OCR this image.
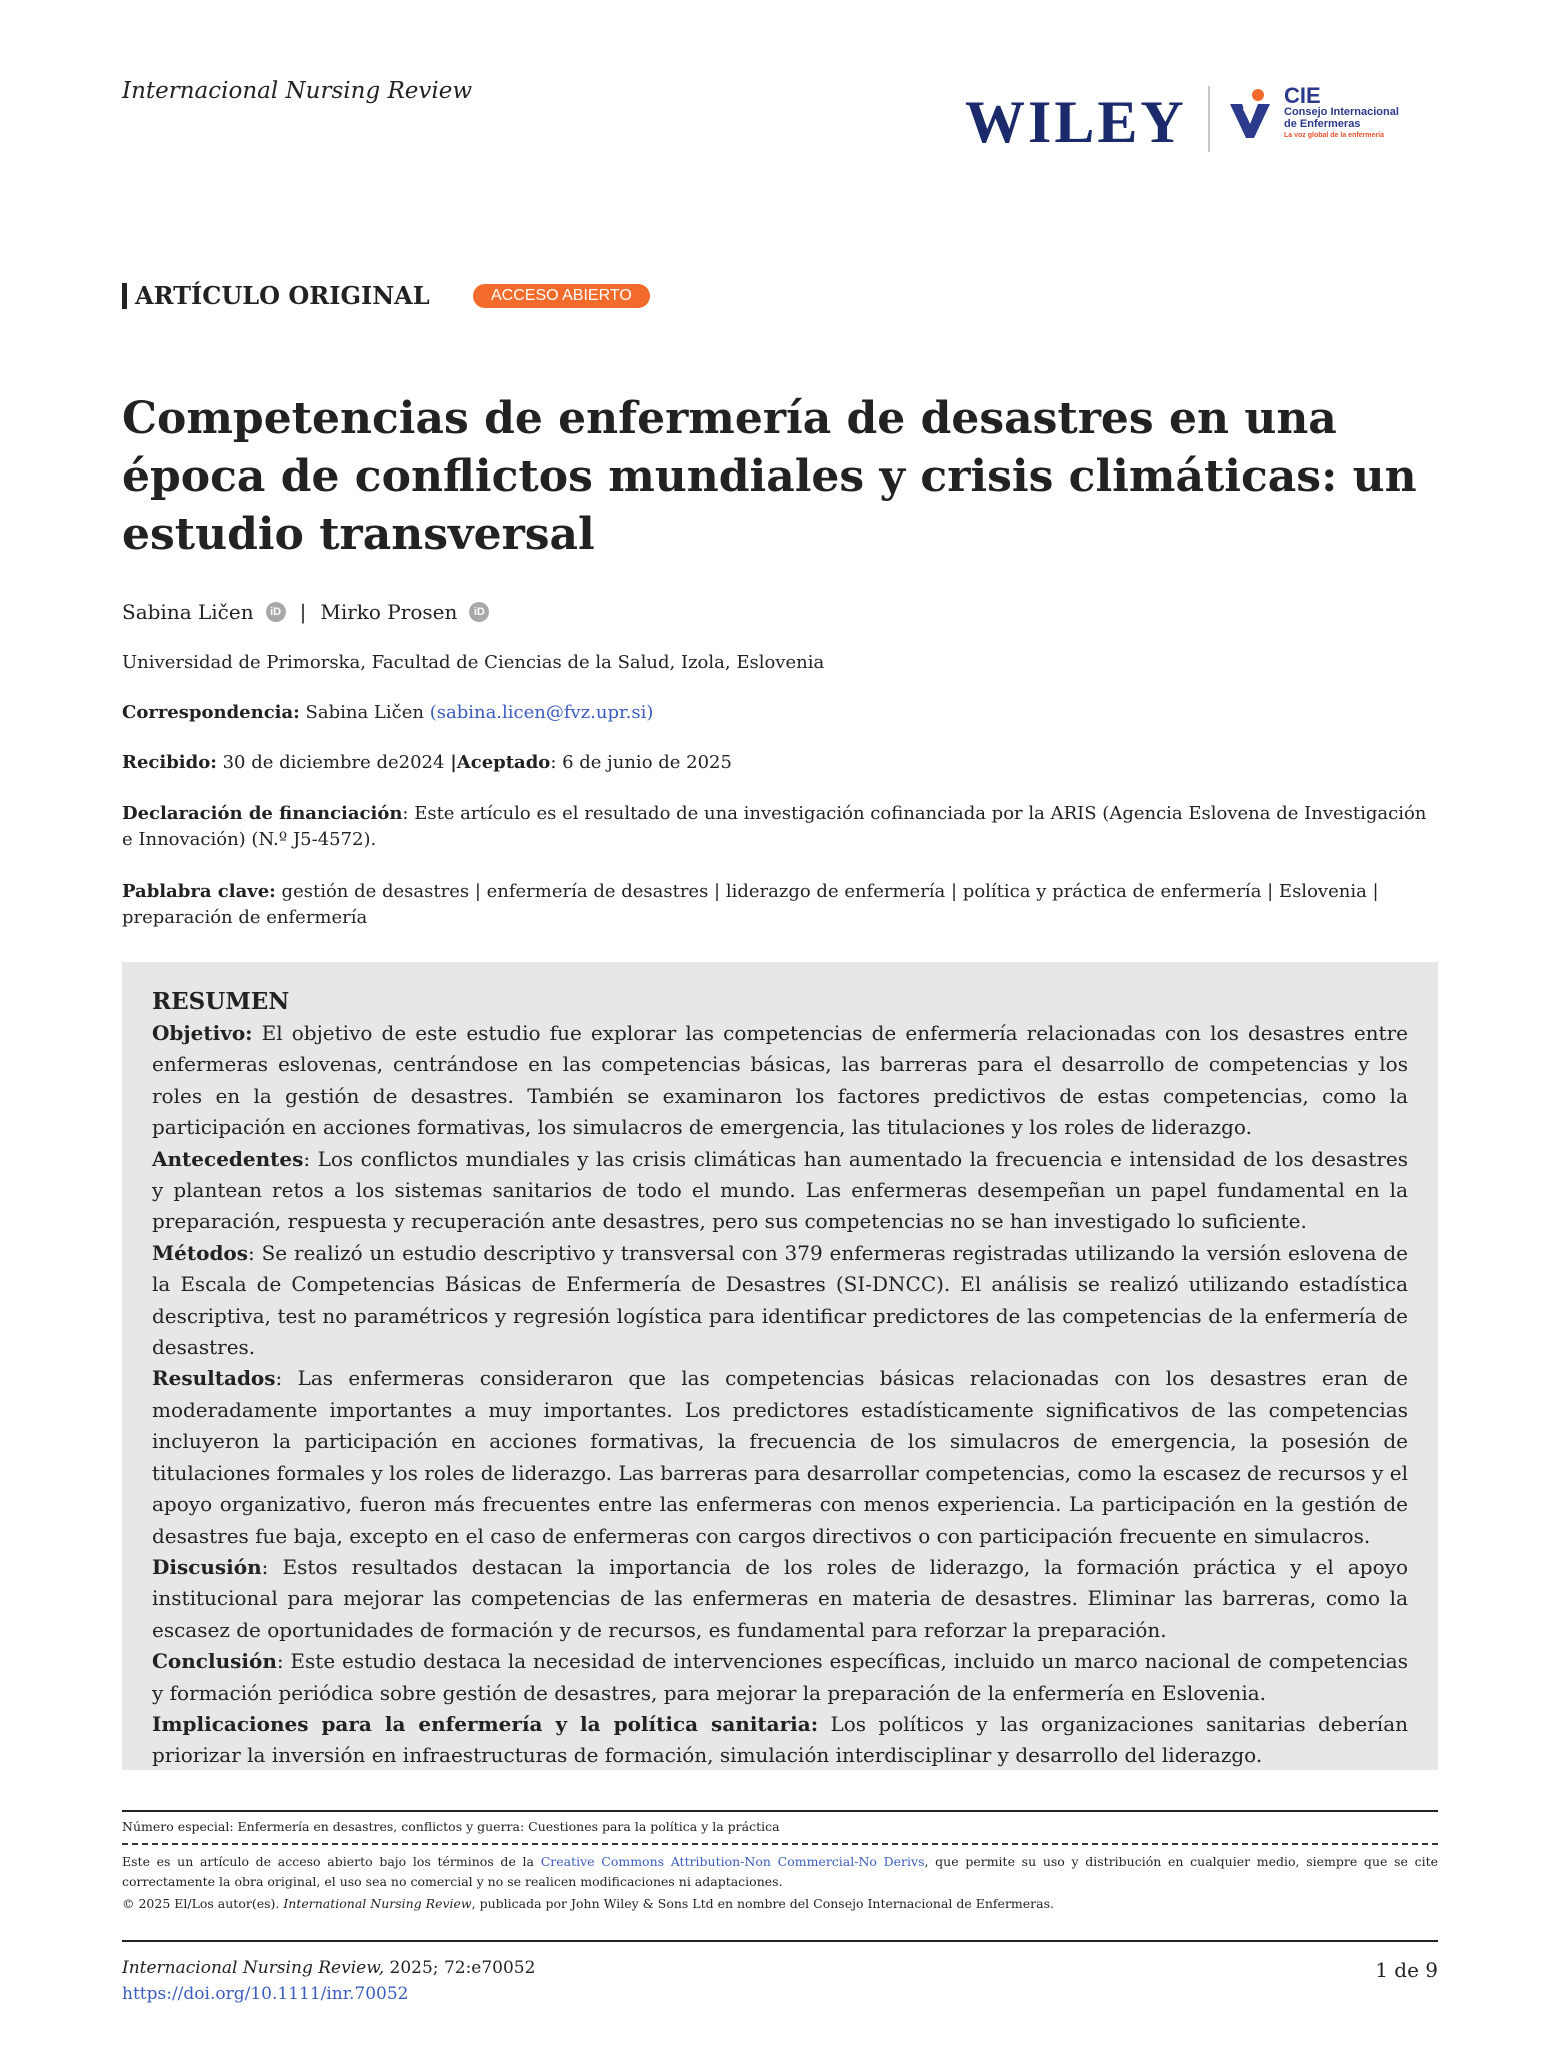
Internacional Nursing Review	WILEY	CIE
Consejo Internacional
de Enfermeras
La voz global de la enfermería
ARTÍCULO ORIGINAL	ACCESO ABIERTO
Competencias de enfermería de desastres en una época de conflictos mundiales y crisis climáticas: un estudio transversal
Sabina Ličen	iD | Mirko Prosen	iD
Universidad de Primorska, Facultad de Ciencias de la Salud, Izola, Eslovenia
Correspondencia: Sabina Ličen (sabina.licen@fvz.upr.si)
Recibido: 30 de diciembre de2024 |Aceptado: 6 de junio de 2025
Declaración de financiación: Este artículo es el resultado de una investigación cofinanciada por la ARIS (Agencia Eslovena de Investigación e Innovación) (N.º J5-4572).
Pablabra clave: gestión de desastres | enfermería de desastres | liderazgo de enfermería | política y práctica de enfermería | Eslovenia | preparación de enfermería
RESUMEN
Objetivo: El objetivo de este estudio fue explorar las competencias de enfermería relacionadas con los desastres entre enfermeras eslovenas, centrándose en las competencias básicas, las barreras para el desarrollo de competencias y los roles en la gestión de desastres. También se examinaron los factores predictivos de estas competencias, como la participación en acciones formativas, los simulacros de emergencia, las titulaciones y los roles de liderazgo.
Antecedentes: Los conflictos mundiales y las crisis climáticas han aumentado la frecuencia e intensidad de los desastres y plantean retos a los sistemas sanitarios de todo el mundo. Las enfermeras desempeñan un papel fundamental en la preparación, respuesta y recuperación ante desastres, pero sus competencias no se han investigado lo suficiente.
Métodos: Se realizó un estudio descriptivo y transversal con 379 enfermeras registradas utilizando la versión eslovena de la Escala de Competencias Básicas de Enfermería de Desastres (SI-DNCC). El análisis se realizó utilizando estadística descriptiva, test no paramétricos y regresión logística para identificar predictores de las competencias de la enfermería de desastres.
Resultados: Las enfermeras consideraron que las competencias básicas relacionadas con los desastres eran de moderadamente importantes a muy importantes. Los predictores estadísticamente significativos de las competencias incluyeron la participación en acciones formativas, la frecuencia de los simulacros de emergencia, la posesión de titulaciones formales y los roles de liderazgo. Las barreras para desarrollar competencias, como la escasez de recursos y el apoyo organizativo, fueron más frecuentes entre las enfermeras con menos experiencia. La participación en la gestión de desastres fue baja, excepto en el caso de enfermeras con cargos directivos o con participación frecuente en simulacros.
Discusión: Estos resultados destacan la importancia de los roles de liderazgo, la formación práctica y el apoyo institucional para mejorar las competencias de las enfermeras en materia de desastres. Eliminar las barreras, como la escasez de oportunidades de formación y de recursos, es fundamental para reforzar la preparación.
Conclusión: Este estudio destaca la necesidad de intervenciones específicas, incluido un marco nacional de competencias y formación periódica sobre gestión de desastres, para mejorar la preparación de la enfermería en Eslovenia.
Implicaciones para la enfermería y la política sanitaria: Los políticos y las organizaciones sanitarias deberían priorizar la inversión en infraestructuras de formación, simulación interdisciplinar y desarrollo del liderazgo.
Número especial: Enfermería en desastres, conflictos y guerra: Cuestiones para la política y la práctica
Este es un artículo de acceso abierto bajo los términos de la Creative Commons Attribution-Non Commercial-No Derivs, que permite su uso y distribución en cualquier medio, siempre que se cite correctamente la obra original, el uso sea no comercial y no se realicen modificaciones ni adaptaciones.
© 2025 El/Los autor(es). International Nursing Review, publicada por John Wiley & Sons Ltd en nombre del Consejo Internacional de Enfermeras.
Internacional Nursing Review, 2025; 72:e70052
https://doi.org/10.1111/inr.70052
1 de 9
